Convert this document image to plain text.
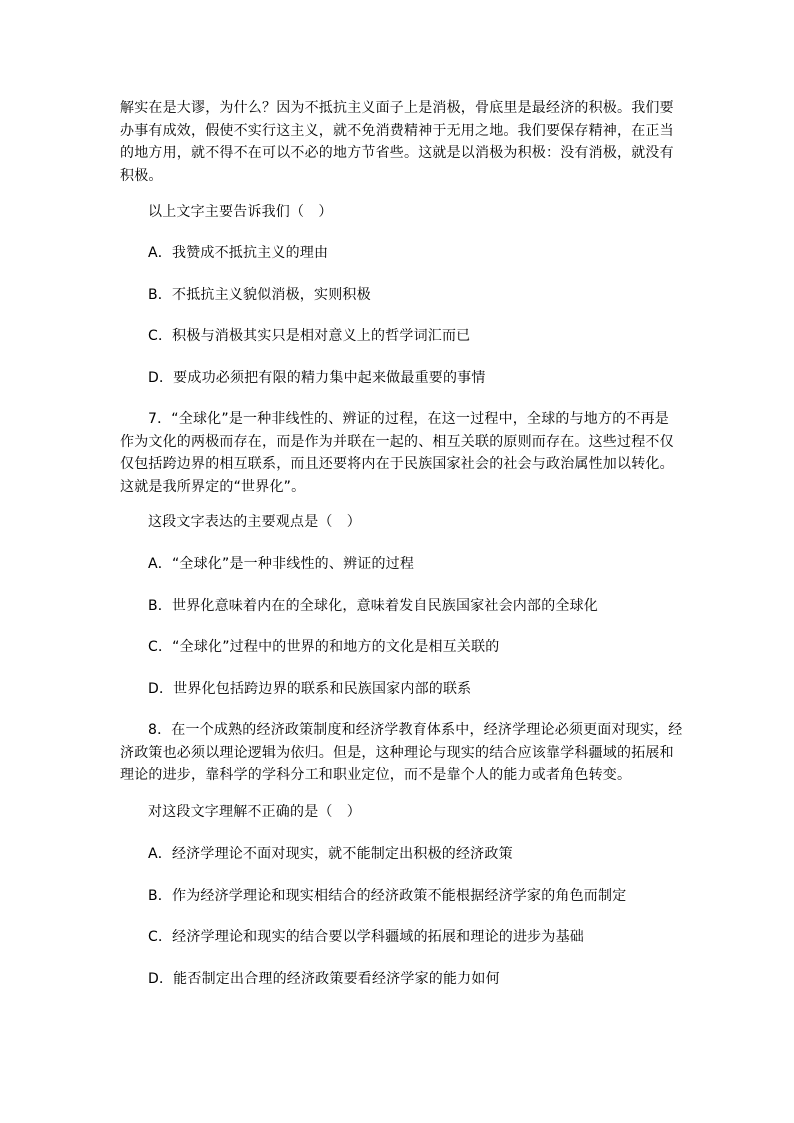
解实在是大谬，为什么？因为不抵抗主义面子上是消极，骨底里是最经济的积极。我们要
办事有成效，假使不实行这主义，就不免消费精神于无用之地。我们要保存精神，在正当
的地方用，就不得不在可以不必的地方节省些。这就是以消极为积极：没有消极，就没有
积极。

以上文字主要告诉我们（　）

A．我赞成不抵抗主义的理由

B．不抵抗主义貌似消极，实则积极

C．积极与消极其实只是相对意义上的哲学词汇而已

D．要成功必须把有限的精力集中起来做最重要的事情

7．“全球化”是一种非线性的、辨证的过程，在这一过程中，全球的与地方的不再是
作为文化的两极而存在，而是作为并联在一起的、相互关联的原则而存在。这些过程不仅
仅包括跨边界的相互联系，而且还要将内在于民族国家社会的社会与政治属性加以转化。
这就是我所界定的“世界化”。

这段文字表达的主要观点是（　）

A．“全球化”是一种非线性的、辨证的过程

B．世界化意味着内在的全球化，意味着发自民族国家社会内部的全球化

C．“全球化”过程中的世界的和地方的文化是相互关联的

D．世界化包括跨边界的联系和民族国家内部的联系

8．在一个成熟的经济政策制度和经济学教育体系中，经济学理论必须更面对现实，经
济政策也必须以理论逻辑为依归。但是，这种理论与现实的结合应该靠学科疆域的拓展和
理论的进步，靠科学的学科分工和职业定位，而不是靠个人的能力或者角色转变。

对这段文字理解不正确的是（　）

A．经济学理论不面对现实，就不能制定出积极的经济政策

B．作为经济学理论和现实相结合的经济政策不能根据经济学家的角色而制定

C．经济学理论和现实的结合要以学科疆域的拓展和理论的进步为基础

D．能否制定出合理的经济政策要看经济学家的能力如何
